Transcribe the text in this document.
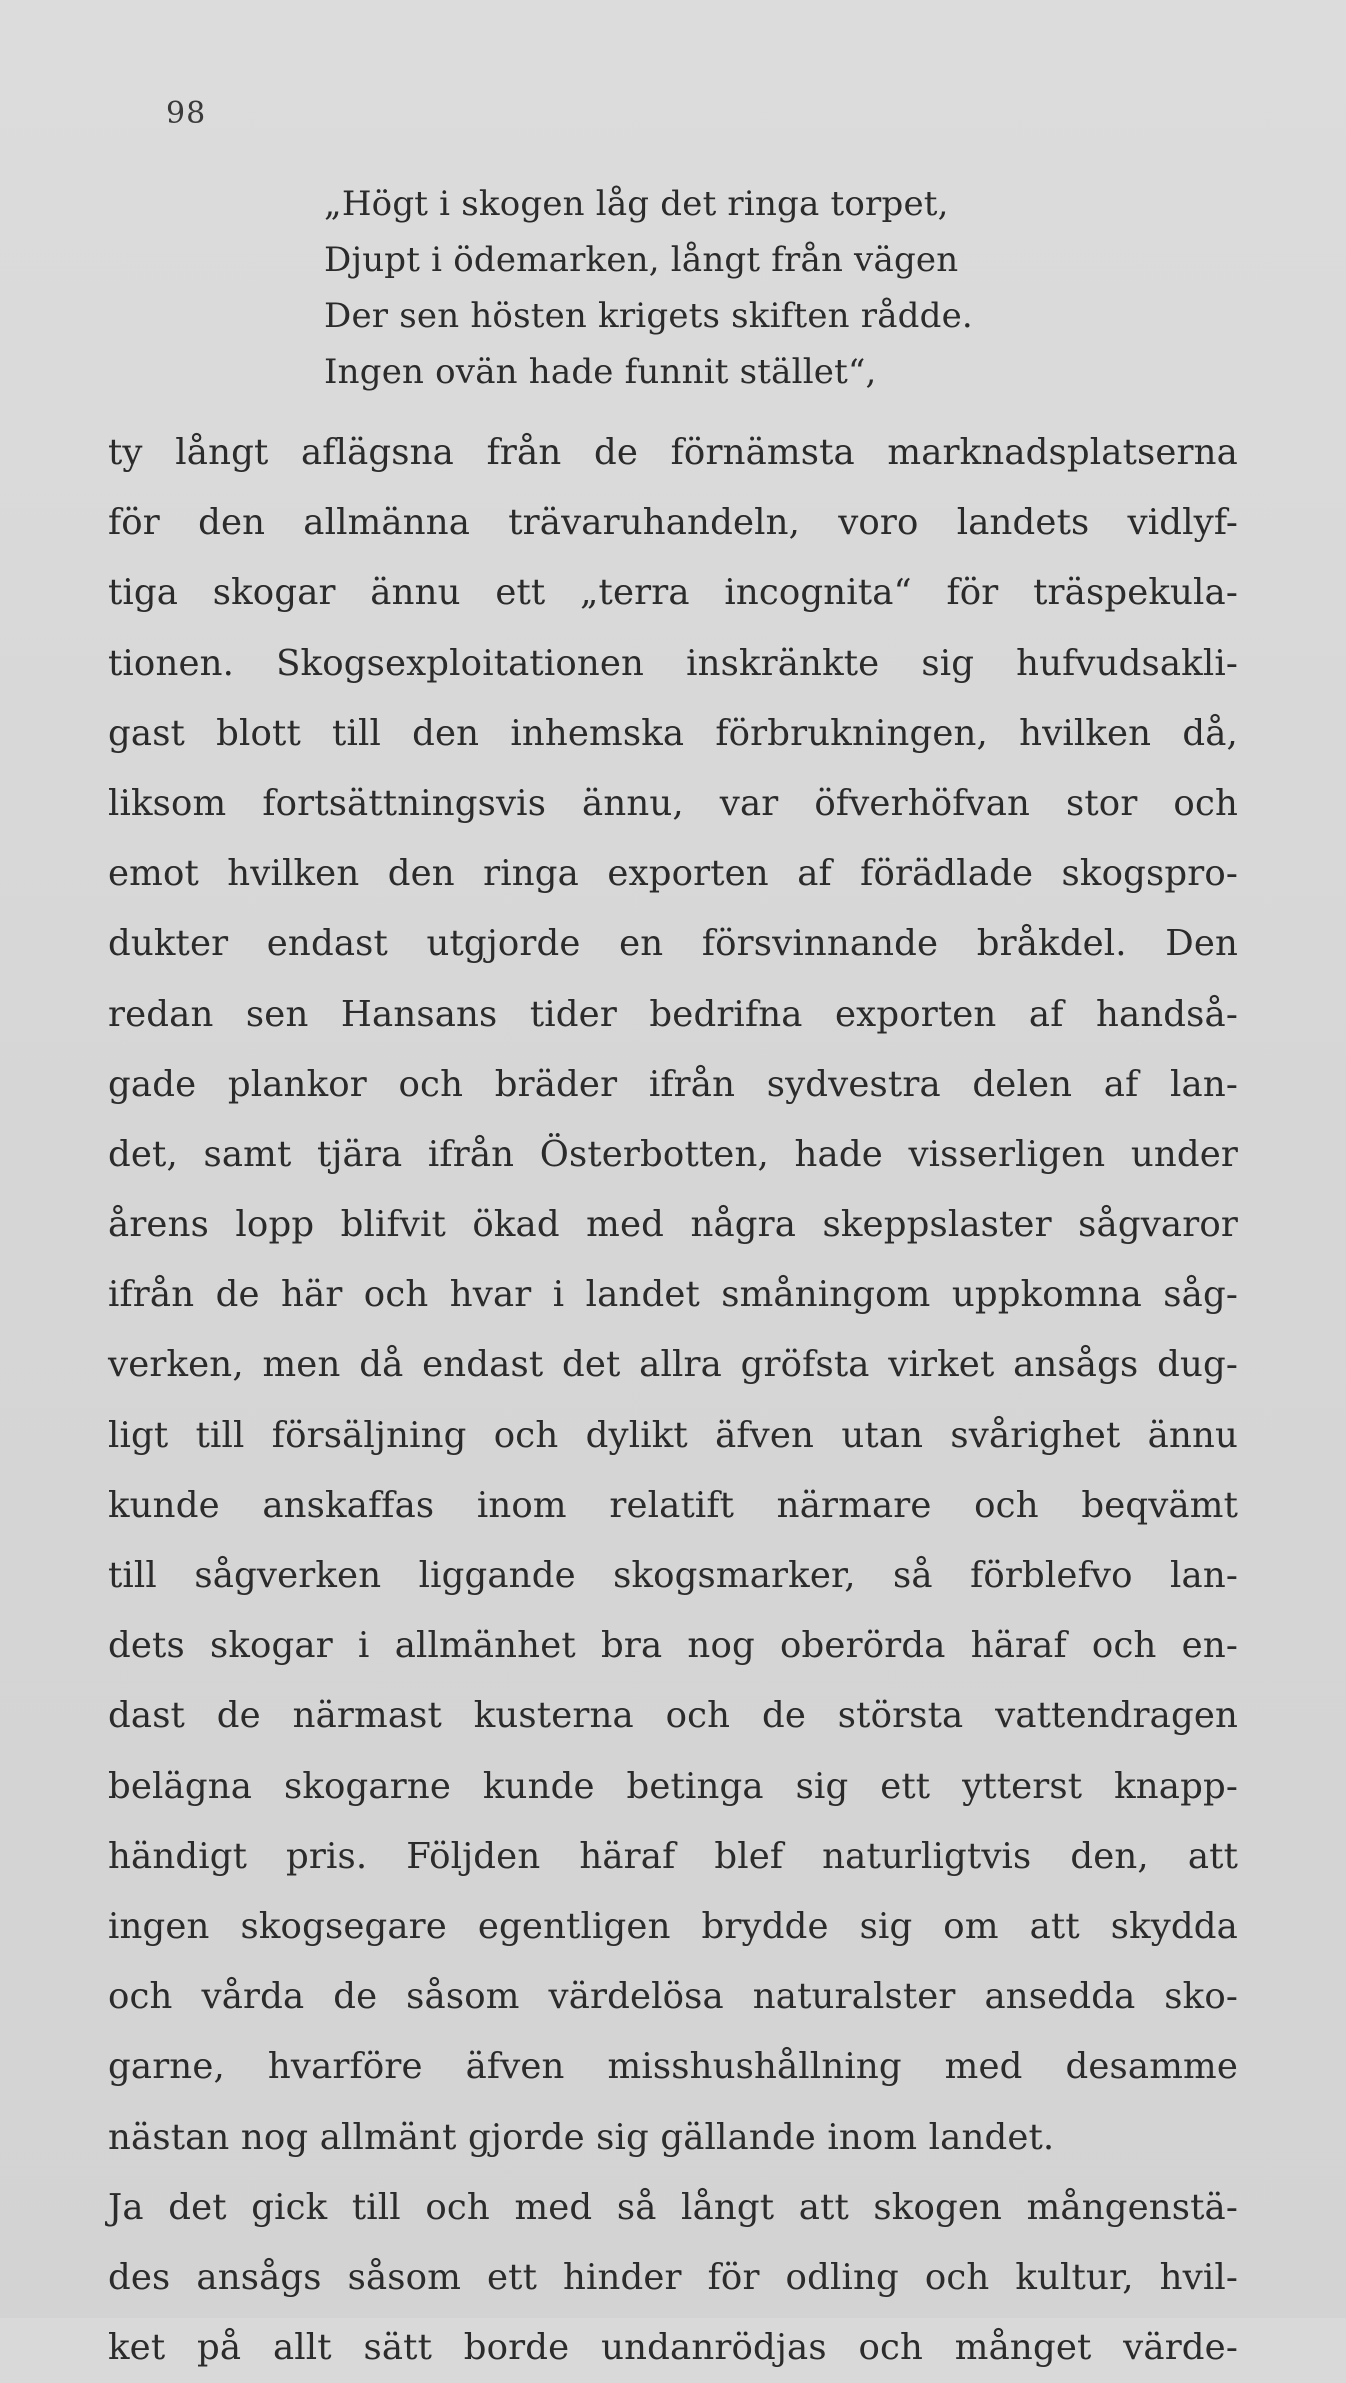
98
„Högt i skogen låg det ringa torpet,
Djupt i ödemarken, långt från vägen
Der sen hösten krigets skiften rådde.
Ingen ovän hade funnit stället“,
ty långt aflägsna från de förnämsta marknadsplatserna
för den allmänna trävaruhandeln, voro landets vidlyf-
tiga skogar ännu ett „terra incognita“ för träspekula-
tionen. Skogsexploitationen inskränkte sig hufvudsakli-
gast blott till den inhemska förbrukningen, hvilken då,
liksom fortsättningsvis ännu, var öfverhöfvan stor och
emot hvilken den ringa exporten af förädlade skogspro-
dukter endast utgjorde en försvinnande bråkdel. Den
redan sen Hansans tider bedrifna exporten af handså-
gade plankor och bräder ifrån sydvestra delen af lan-
det, samt tjära ifrån Österbotten, hade visserligen under
årens lopp blifvit ökad med några skeppslaster sågvaror
ifrån de här och hvar i landet småningom uppkomna såg-
verken, men då endast det allra gröfsta virket ansågs dug-
ligt till försäljning och dylikt äfven utan svårighet ännu
kunde anskaffas inom relatift närmare och beqvämt
till sågverken liggande skogsmarker, så förblefvo lan-
dets skogar i allmänhet bra nog oberörda häraf och en-
dast de närmast kusterna och de största vattendragen
belägna skogarne kunde betinga sig ett ytterst knapp-
händigt pris. Följden häraf blef naturligtvis den, att
ingen skogsegare egentligen brydde sig om att skydda
och vårda de såsom värdelösa naturalster ansedda sko-
garne, hvarföre äfven misshushållning med desamme
nästan nog allmänt gjorde sig gällande inom landet.
Ja det gick till och med så långt att skogen mångenstä-
des ansågs såsom ett hinder för odling och kultur, hvil-
ket på allt sätt borde undanrödjas och månget värde-
